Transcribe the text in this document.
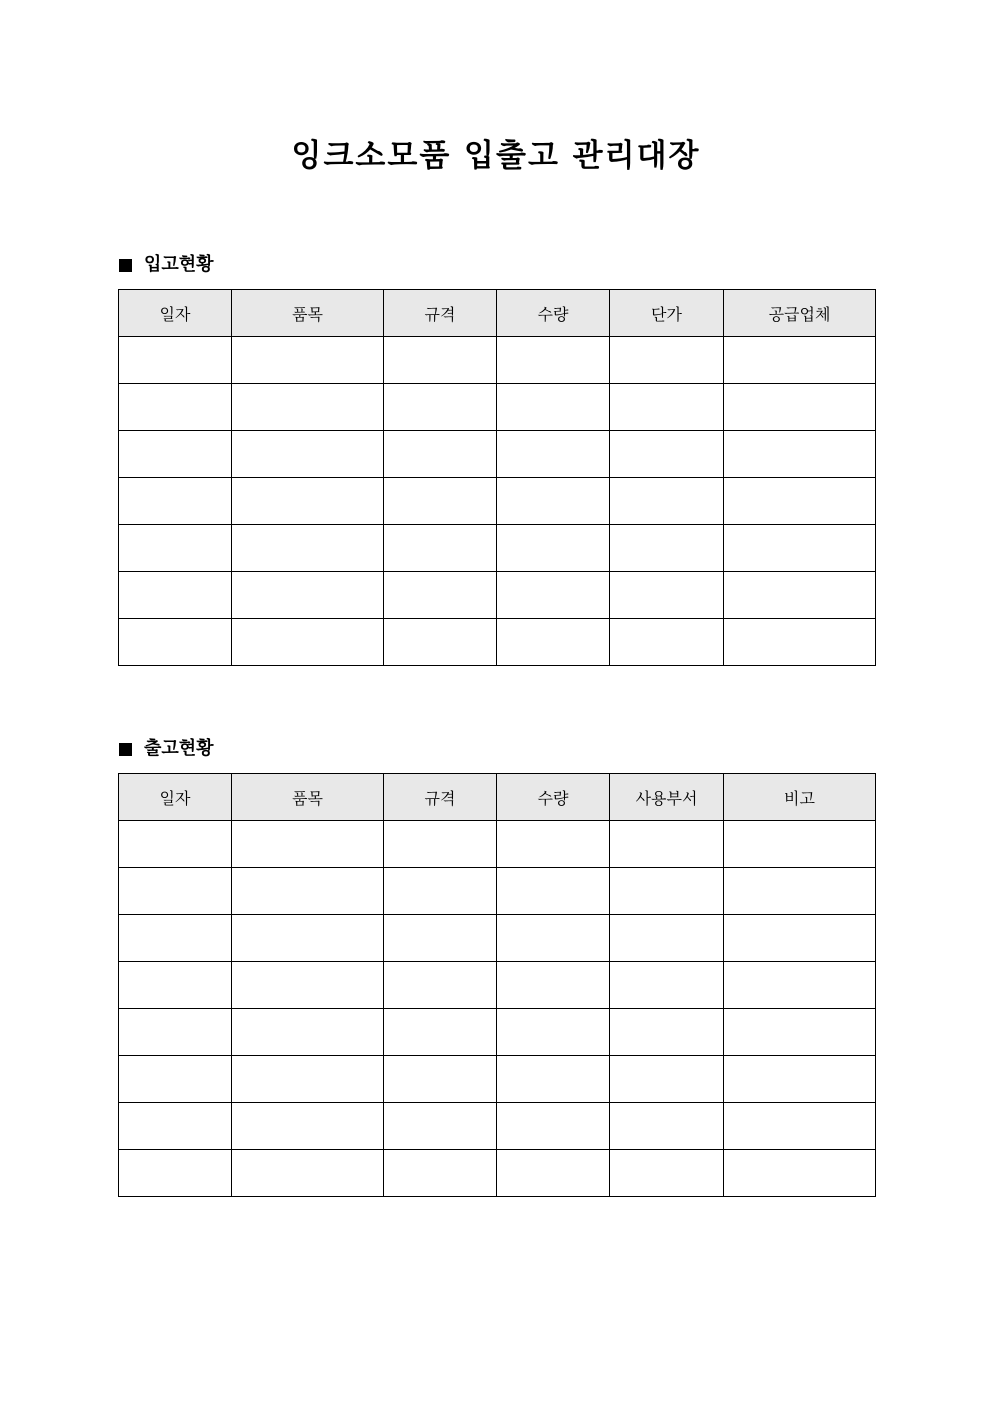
잉크소모품 입출고 관리대장
입고현황
일자	품목	규격	수량	단가	공급업체

출고현황
일자	품목	규격	수량	사용부서	비고
